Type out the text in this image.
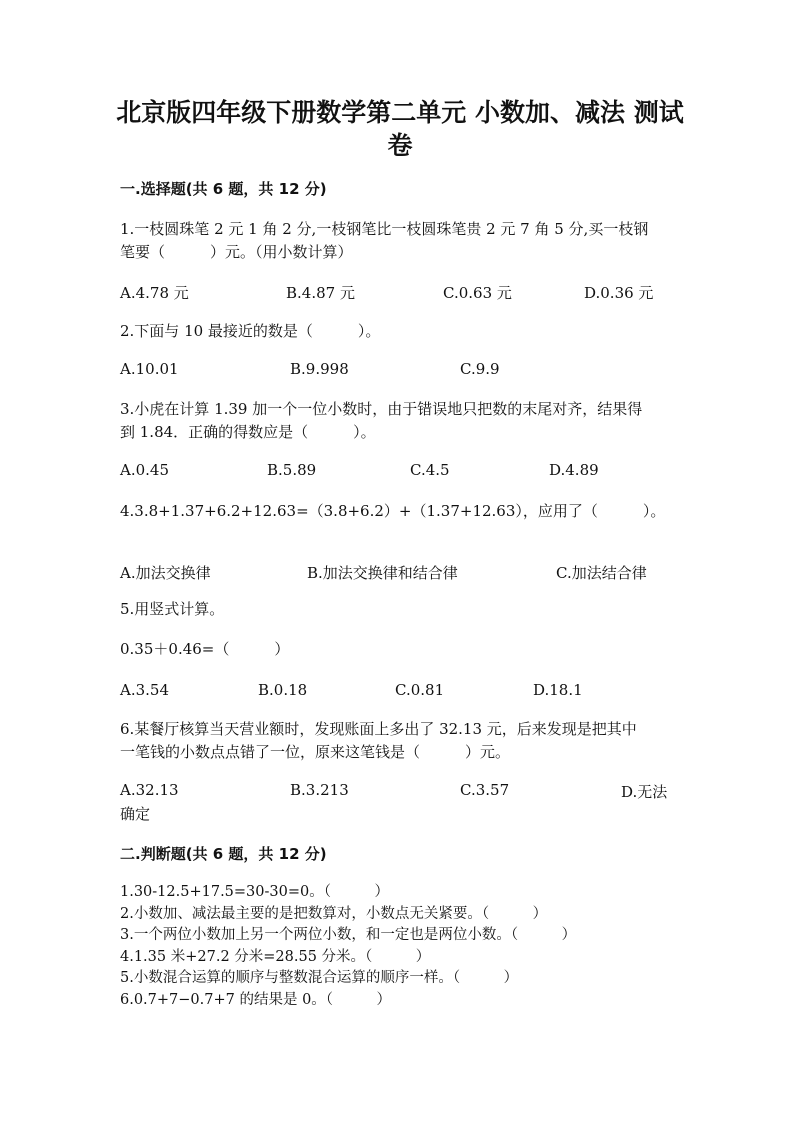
北京版四年级下册数学第二单元 小数加、减法 测试卷
一.选择题(共 6 题，共 12 分)
1.一枝圆珠笔 2 元 1 角 2 分,一枝钢笔比一枝圆珠笔贵 2 元 7 角 5 分,买一枝钢
笔要（　　　）元。（用小数计算）
A.4.78 元	B.4.87 元	C.0.63 元	D.0.36 元
2.下面与 10 最接近的数是（　　　）。
A.10.01	B.9.998	C.9.9
3.小虎在计算 1.39 加一个一位小数时，由于错误地只把数的末尾对齐，结果得
到 1.84．正确的得数应是（　　　）。
A.0.45	B.5.89	C.4.5	D.4.89
4.3.8+1.37+6.2+12.63=（3.8+6.2）+（1.37+12.63），应用了（　　　）。
A.加法交换律	B.加法交换律和结合律	C.加法结合律
5.用竖式计算。
0.35＋0.46=（　　　）
A.3.54	B.0.18	C.0.81	D.18.1
6.某餐厅核算当天营业额时，发现账面上多出了 32.13 元，后来发现是把其中
一笔钱的小数点点错了一位，原来这笔钱是（　　　）元。
A.32.13	B.3.213	C.3.57	D.无法
确定
二.判断题(共 6 题，共 12 分)
1.30-12.5+17.5=30-30=0。（　　　）
2.小数加、减法最主要的是把数算对，小数点无关紧要。（　　　）
3.一个两位小数加上另一个两位小数，和一定也是两位小数。（　　　）
4.1.35 米+27.2 分米=28.55 分米。（　　　）
5.小数混合运算的顺序与整数混合运算的顺序一样。（　　　）
6.0.7+7−0.7+7 的结果是 0。（　　　）
